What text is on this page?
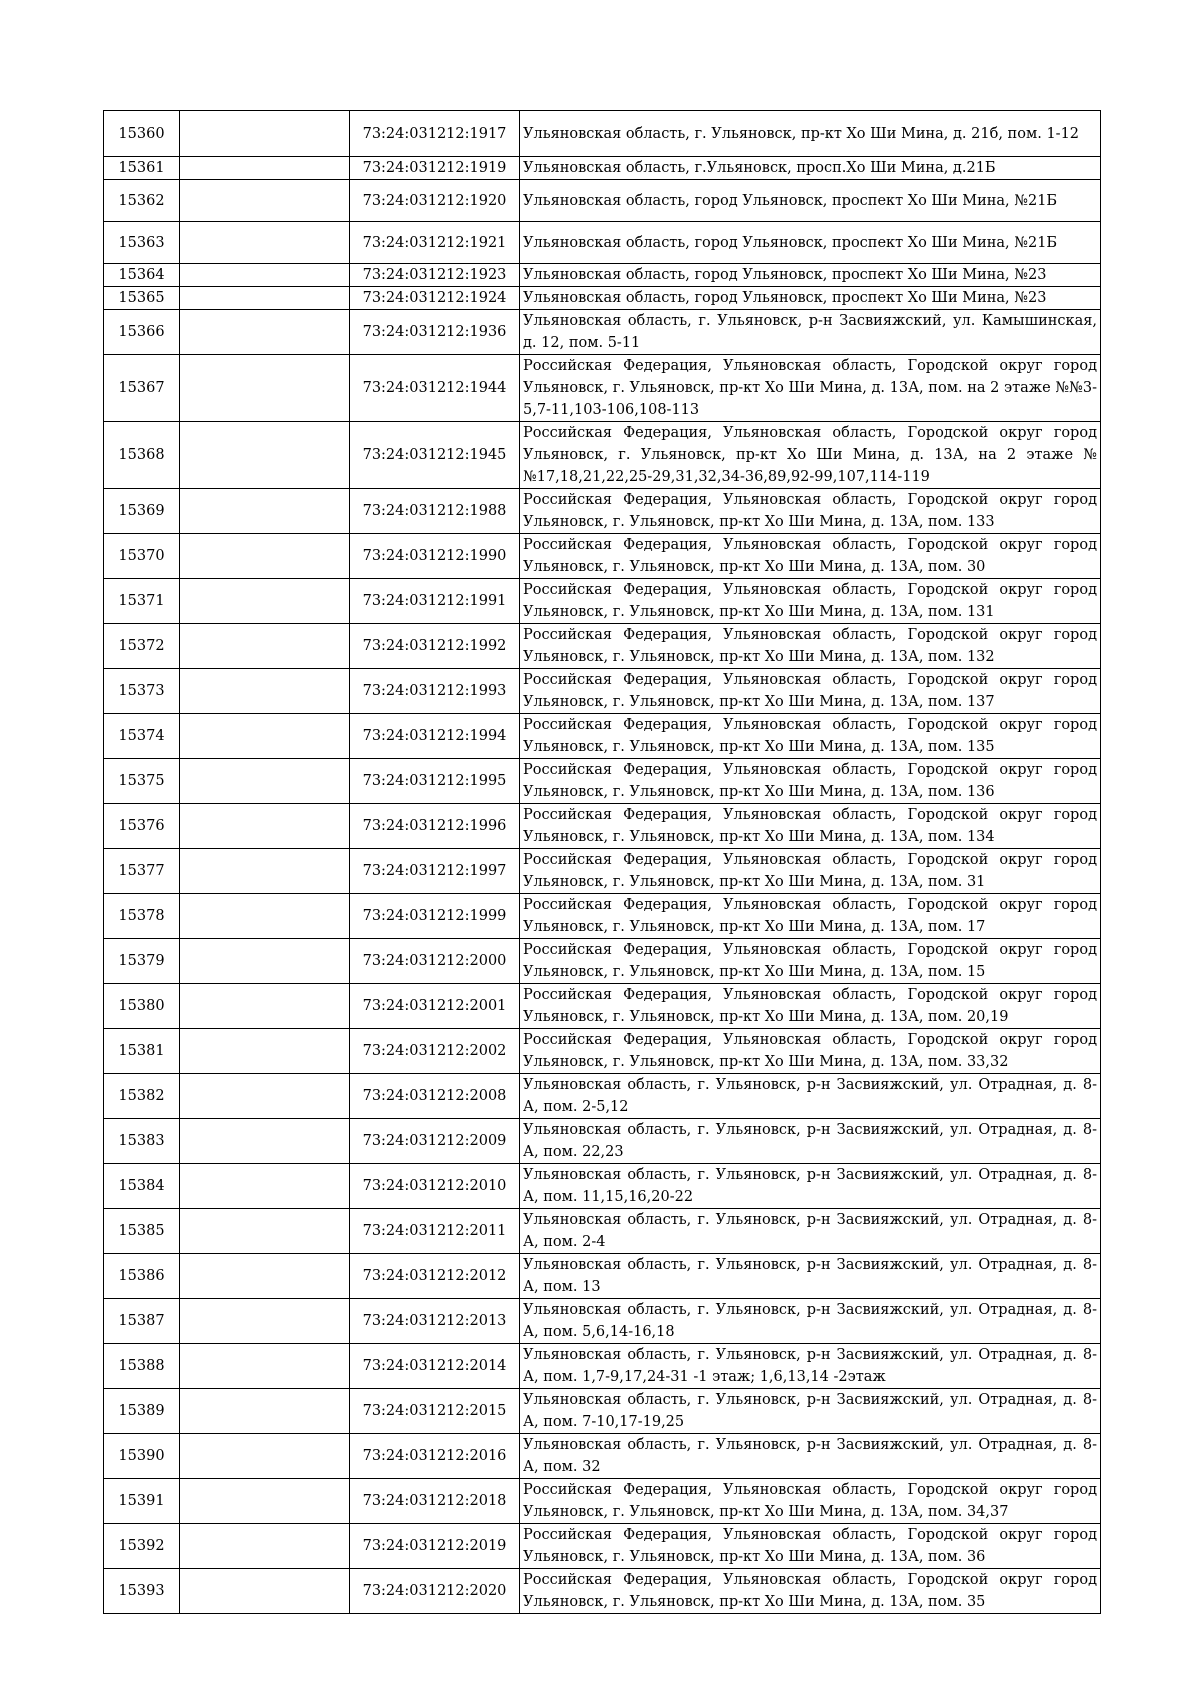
15360		73:24:031212:1917	Ульяновская область, г. Ульяновск, пр-кт Хо Ши Мина, д. 21б, пом. 1-12
15361		73:24:031212:1919	Ульяновская область, г.Ульяновск, просп.Хо Ши Мина, д.21Б
15362		73:24:031212:1920	Ульяновская область, город Ульяновск, проспект Хо Ши Мина, №21Б
15363		73:24:031212:1921	Ульяновская область, город Ульяновск, проспект Хо Ши Мина, №21Б
15364		73:24:031212:1923	Ульяновская область, город Ульяновск, проспект Хо Ши Мина, №23
15365		73:24:031212:1924	Ульяновская область, город Ульяновск, проспект Хо Ши Мина, №23
15366		73:24:031212:1936	Ульяновская область, г. Ульяновск, р-н Засвияжский, ул. Камышинская, д. 12, пом. 5-11
15367		73:24:031212:1944	Российская Федерация, Ульяновская область, Городской округ город Ульяновск, г. Ульяновск, пр-кт Хо Ши Мина, д. 13А, пом. на 2 этаже №№3-5,7-11,103-106,108-113
15368		73:24:031212:1945	Российская Федерация, Ульяновская область, Городской округ город Ульяновск, г. Ульяновск, пр-кт Хо Ши Мина, д. 13А, на 2 этаже №№17,18,21,22,25-29,31,32,34-36,89,92-99,107,114-119
15369		73:24:031212:1988	Российская Федерация, Ульяновская область, Городской округ город Ульяновск, г. Ульяновск, пр-кт Хо Ши Мина, д. 13А, пом. 133
15370		73:24:031212:1990	Российская Федерация, Ульяновская область, Городской округ город Ульяновск, г. Ульяновск, пр-кт Хо Ши Мина, д. 13А, пом. 30
15371		73:24:031212:1991	Российская Федерация, Ульяновская область, Городской округ город Ульяновск, г. Ульяновск, пр-кт Хо Ши Мина, д. 13А, пом. 131
15372		73:24:031212:1992	Российская Федерация, Ульяновская область, Городской округ город Ульяновск, г. Ульяновск, пр-кт Хо Ши Мина, д. 13А, пом. 132
15373		73:24:031212:1993	Российская Федерация, Ульяновская область, Городской округ город Ульяновск, г. Ульяновск, пр-кт Хо Ши Мина, д. 13А, пом. 137
15374		73:24:031212:1994	Российская Федерация, Ульяновская область, Городской округ город Ульяновск, г. Ульяновск, пр-кт Хо Ши Мина, д. 13А, пом. 135
15375		73:24:031212:1995	Российская Федерация, Ульяновская область, Городской округ город Ульяновск, г. Ульяновск, пр-кт Хо Ши Мина, д. 13А, пом. 136
15376		73:24:031212:1996	Российская Федерация, Ульяновская область, Городской округ город Ульяновск, г. Ульяновск, пр-кт Хо Ши Мина, д. 13А, пом. 134
15377		73:24:031212:1997	Российская Федерация, Ульяновская область, Городской округ город Ульяновск, г. Ульяновск, пр-кт Хо Ши Мина, д. 13А, пом. 31
15378		73:24:031212:1999	Российская Федерация, Ульяновская область, Городской округ город Ульяновск, г. Ульяновск, пр-кт Хо Ши Мина, д. 13А, пом. 17
15379		73:24:031212:2000	Российская Федерация, Ульяновская область, Городской округ город Ульяновск, г. Ульяновск, пр-кт Хо Ши Мина, д. 13А, пом. 15
15380		73:24:031212:2001	Российская Федерация, Ульяновская область, Городской округ город Ульяновск, г. Ульяновск, пр-кт Хо Ши Мина, д. 13А, пом. 20,19
15381		73:24:031212:2002	Российская Федерация, Ульяновская область, Городской округ город Ульяновск, г. Ульяновск, пр-кт Хо Ши Мина, д. 13А, пом. 33,32
15382		73:24:031212:2008	Ульяновская область, г. Ульяновск, р-н Засвияжский, ул. Отрадная, д. 8-А, пом. 2-5,12
15383		73:24:031212:2009	Ульяновская область, г. Ульяновск, р-н Засвияжский, ул. Отрадная, д. 8-А, пом. 22,23
15384		73:24:031212:2010	Ульяновская область, г. Ульяновск, р-н Засвияжский, ул. Отрадная, д. 8-А, пом. 11,15,16,20-22
15385		73:24:031212:2011	Ульяновская область, г. Ульяновск, р-н Засвияжский, ул. Отрадная, д. 8-А, пом. 2-4
15386		73:24:031212:2012	Ульяновская область, г. Ульяновск, р-н Засвияжский, ул. Отрадная, д. 8-А, пом. 13
15387		73:24:031212:2013	Ульяновская область, г. Ульяновск, р-н Засвияжский, ул. Отрадная, д. 8-А, пом. 5,6,14-16,18
15388		73:24:031212:2014	Ульяновская область, г. Ульяновск, р-н Засвияжский, ул. Отрадная, д. 8-А, пом. 1,7-9,17,24-31 -1 этаж; 1,6,13,14 -2этаж
15389		73:24:031212:2015	Ульяновская область, г. Ульяновск, р-н Засвияжский, ул. Отрадная, д. 8-А, пом. 7-10,17-19,25
15390		73:24:031212:2016	Ульяновская область, г. Ульяновск, р-н Засвияжский, ул. Отрадная, д. 8-А, пом. 32
15391		73:24:031212:2018	Российская Федерация, Ульяновская область, Городской округ город Ульяновск, г. Ульяновск, пр-кт Хо Ши Мина, д. 13А, пом. 34,37
15392		73:24:031212:2019	Российская Федерация, Ульяновская область, Городской округ город Ульяновск, г. Ульяновск, пр-кт Хо Ши Мина, д. 13А, пом. 36
15393		73:24:031212:2020	Российская Федерация, Ульяновская область, Городской округ город Ульяновск, г. Ульяновск, пр-кт Хо Ши Мина, д. 13А, пом. 35
